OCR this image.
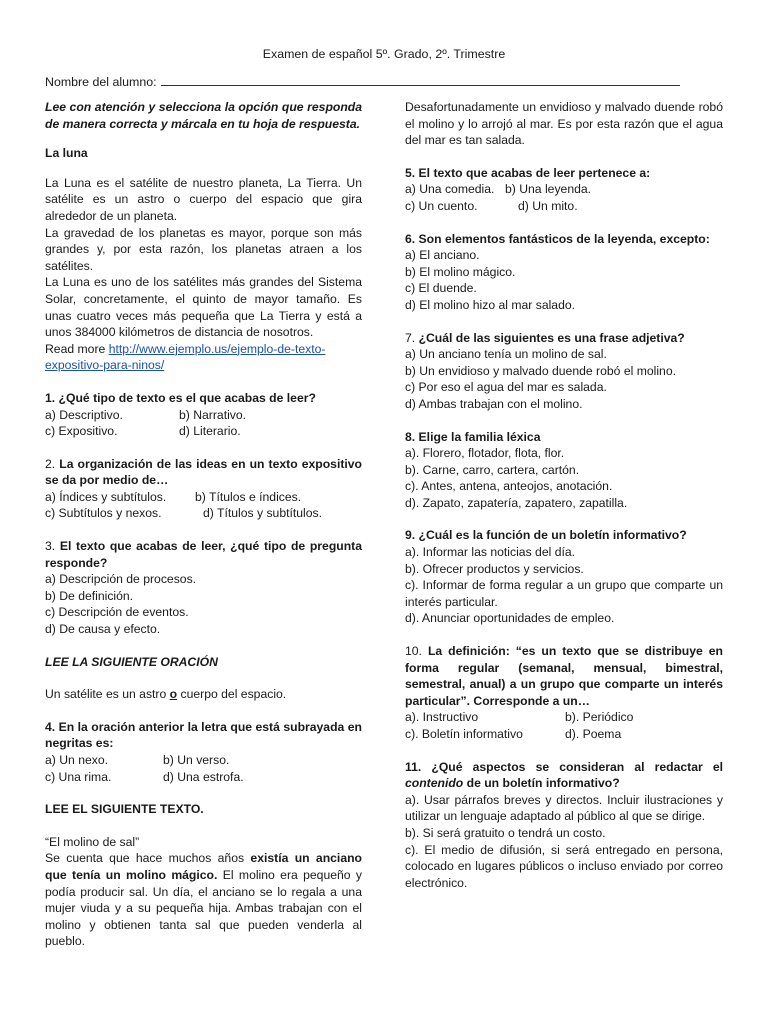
Examen de español 5º. Grado, 2º. Trimestre
Nombre del alumno:

Lee con atención y selecciona la opción que responda de manera correcta y márcala en tu hoja de respuesta.

La luna

La Luna es el satélite de nuestro planeta, La Tierra. Un satélite es un astro o cuerpo del espacio que gira alrededor de un planeta.

La gravedad de los planetas es mayor, porque son más grandes y, por esta razón, los planetas atraen a los satélites.

La Luna es uno de los satélites más grandes del Sistema Solar, concretamente, el quinto de mayor tamaño. Es unas cuatro veces más pequeña que La Tierra y está a unos 384000 kilómetros de distancia de nosotros.

Read more http://www.ejemplo.us/ejemplo-de-texto-expositivo-para-ninos/

1. ¿Qué tipo de texto es el que acabas de leer?

a) Descriptivo.	b) Narrativo.
c) Expositivo.	d) Literario.

2. La organización de las ideas en un texto expositivo se da por medio de…

a) Índices y subtítulos.	b) Títulos e índices.
c) Subtítulos y nexos.	d) Títulos y subtítulos.

3. El texto que acabas de leer, ¿qué tipo de pregunta responde?

a) Descripción de procesos.
b) De definición.
c) Descripción de eventos.
d) De causa y efecto.

LEE LA SIGUIENTE ORACIÓN

Un satélite es un astro o cuerpo del espacio.

4. En la oración anterior la letra que está subrayada en negritas es:

a) Un nexo.	b) Un verso.
c) Una rima.	d) Una estrofa.

LEE EL SIGUIENTE TEXTO.

“El molino de sal”

Se cuenta que hace muchos años existía un anciano que tenía un molino mágico. El molino era pequeño y podía producir sal. Un día, el anciano se lo regala a una mujer viuda y a su pequeña hija. Ambas trabajan con el molino y obtienen tanta sal que pueden venderla al pueblo.

Desafortunadamente un envidioso y malvado duende robó el molino y lo arrojó al mar. Es por esta razón que el agua del mar es tan salada.

5. El texto que acabas de leer pertenece a:

a) Una comedia. b) Una leyenda.
c) Un cuento.	d) Un mito.

6. Son elementos fantásticos de la leyenda, excepto:

a) El anciano.
b) El molino mágico.
c) El duende.
d) El molino hizo al mar salado.

7. ¿Cuál de las siguientes es una frase adjetiva?

a) Un anciano tenía un molino de sal.
b) Un envidioso y malvado duende robó el molino.
c) Por eso el agua del mar es salada.
d) Ambas trabajan con el molino.

8. Elige la familia léxica

a). Florero, flotador, flota, flor.
b). Carne, carro, cartera, cartón.
c). Antes, antena, anteojos, anotación.
d). Zapato, zapatería, zapatero, zapatilla.

9. ¿Cuál es la función de un boletín informativo?

a). Informar las noticias del día.
b). Ofrecer productos y servicios.

c). Informar de forma regular a un grupo que comparte un interés particular.

d). Anunciar oportunidades de empleo.

10. La definición: “es un texto que se distribuye en forma regular (semanal, mensual, bimestral, semestral, anual) a un grupo que comparte un interés particular”. Corresponde a un…

a). Instructivo	b). Periódico
c). Boletín informativo	d). Poema

11. ¿Qué aspectos se consideran al redactar el contenido de un boletín informativo?

a). Usar párrafos breves y directos. Incluir ilustraciones y utilizar un lenguaje adaptado al público al que se dirige.

b). Si será gratuito o tendrá un costo.

c). El medio de difusión, si será entregado en persona, colocado en lugares públicos o incluso enviado por correo electrónico.
